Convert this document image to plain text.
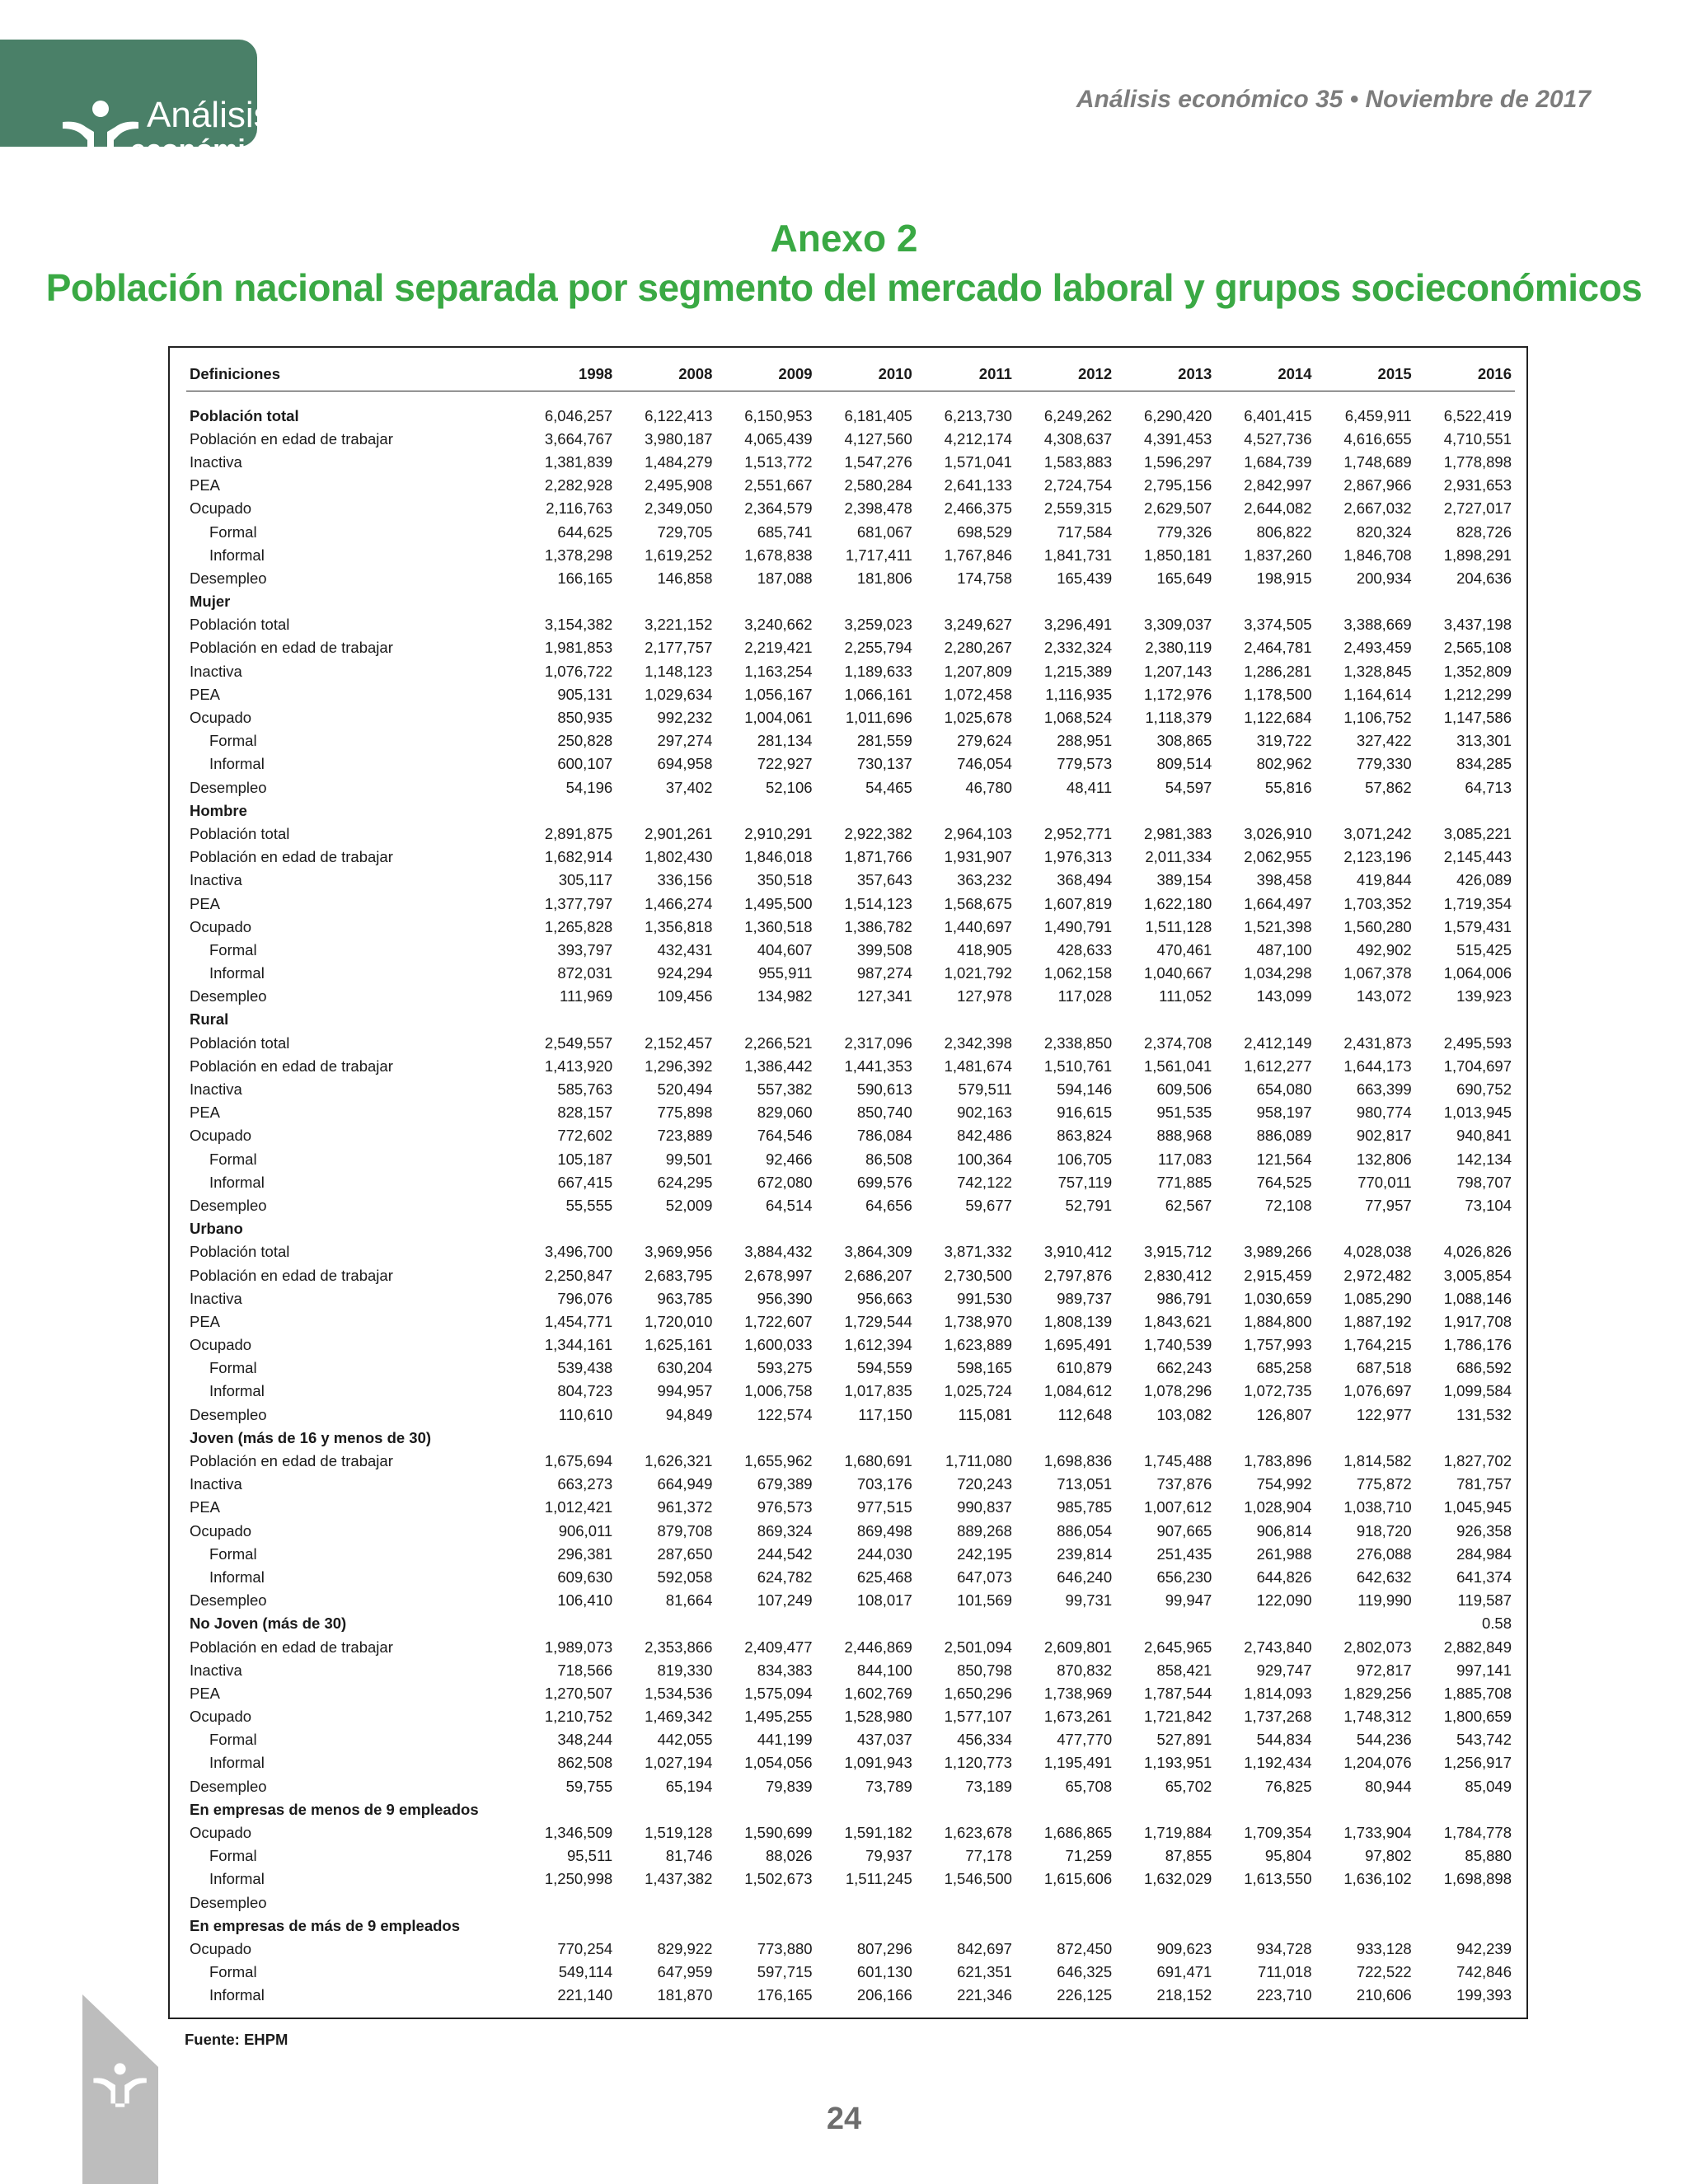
Análisis
económico
Análisis económico 35 • Noviembre de 2017
Anexo 2
Población nacional separada por segmento del mercado laboral y grupos socieconómicos
Definiciones	1998	2008	2009	2010	2011	2012	2013	2014	2015	2016

Población total	6,046,257	6,122,413	6,150,953	6,181,405	6,213,730	6,249,262	6,290,420	6,401,415	6,459,911	6,522,419
Población en edad de trabajar	3,664,767	3,980,187	4,065,439	4,127,560	4,212,174	4,308,637	4,391,453	4,527,736	4,616,655	4,710,551
Inactiva	1,381,839	1,484,279	1,513,772	1,547,276	1,571,041	1,583,883	1,596,297	1,684,739	1,748,689	1,778,898
PEA	2,282,928	2,495,908	2,551,667	2,580,284	2,641,133	2,724,754	2,795,156	2,842,997	2,867,966	2,931,653
Ocupado	2,116,763	2,349,050	2,364,579	2,398,478	2,466,375	2,559,315	2,629,507	2,644,082	2,667,032	2,727,017
Formal	644,625	729,705	685,741	681,067	698,529	717,584	779,326	806,822	820,324	828,726
Informal	1,378,298	1,619,252	1,678,838	1,717,411	1,767,846	1,841,731	1,850,181	1,837,260	1,846,708	1,898,291
Desempleo	166,165	146,858	187,088	181,806	174,758	165,439	165,649	198,915	200,934	204,636
Mujer										
Población total	3,154,382	3,221,152	3,240,662	3,259,023	3,249,627	3,296,491	3,309,037	3,374,505	3,388,669	3,437,198
Población en edad de trabajar	1,981,853	2,177,757	2,219,421	2,255,794	2,280,267	2,332,324	2,380,119	2,464,781	2,493,459	2,565,108
Inactiva	1,076,722	1,148,123	1,163,254	1,189,633	1,207,809	1,215,389	1,207,143	1,286,281	1,328,845	1,352,809
PEA	905,131	1,029,634	1,056,167	1,066,161	1,072,458	1,116,935	1,172,976	1,178,500	1,164,614	1,212,299
Ocupado	850,935	992,232	1,004,061	1,011,696	1,025,678	1,068,524	1,118,379	1,122,684	1,106,752	1,147,586
Formal	250,828	297,274	281,134	281,559	279,624	288,951	308,865	319,722	327,422	313,301
Informal	600,107	694,958	722,927	730,137	746,054	779,573	809,514	802,962	779,330	834,285
Desempleo	54,196	37,402	52,106	54,465	46,780	48,411	54,597	55,816	57,862	64,713
Hombre										
Población total	2,891,875	2,901,261	2,910,291	2,922,382	2,964,103	2,952,771	2,981,383	3,026,910	3,071,242	3,085,221
Población en edad de trabajar	1,682,914	1,802,430	1,846,018	1,871,766	1,931,907	1,976,313	2,011,334	2,062,955	2,123,196	2,145,443
Inactiva	305,117	336,156	350,518	357,643	363,232	368,494	389,154	398,458	419,844	426,089
PEA	1,377,797	1,466,274	1,495,500	1,514,123	1,568,675	1,607,819	1,622,180	1,664,497	1,703,352	1,719,354
Ocupado	1,265,828	1,356,818	1,360,518	1,386,782	1,440,697	1,490,791	1,511,128	1,521,398	1,560,280	1,579,431
Formal	393,797	432,431	404,607	399,508	418,905	428,633	470,461	487,100	492,902	515,425
Informal	872,031	924,294	955,911	987,274	1,021,792	1,062,158	1,040,667	1,034,298	1,067,378	1,064,006
Desempleo	111,969	109,456	134,982	127,341	127,978	117,028	111,052	143,099	143,072	139,923
Rural										
Población total	2,549,557	2,152,457	2,266,521	2,317,096	2,342,398	2,338,850	2,374,708	2,412,149	2,431,873	2,495,593
Población en edad de trabajar	1,413,920	1,296,392	1,386,442	1,441,353	1,481,674	1,510,761	1,561,041	1,612,277	1,644,173	1,704,697
Inactiva	585,763	520,494	557,382	590,613	579,511	594,146	609,506	654,080	663,399	690,752
PEA	828,157	775,898	829,060	850,740	902,163	916,615	951,535	958,197	980,774	1,013,945
Ocupado	772,602	723,889	764,546	786,084	842,486	863,824	888,968	886,089	902,817	940,841
Formal	105,187	99,501	92,466	86,508	100,364	106,705	117,083	121,564	132,806	142,134
Informal	667,415	624,295	672,080	699,576	742,122	757,119	771,885	764,525	770,011	798,707
Desempleo	55,555	52,009	64,514	64,656	59,677	52,791	62,567	72,108	77,957	73,104
Urbano										
Población total	3,496,700	3,969,956	3,884,432	3,864,309	3,871,332	3,910,412	3,915,712	3,989,266	4,028,038	4,026,826
Población en edad de trabajar	2,250,847	2,683,795	2,678,997	2,686,207	2,730,500	2,797,876	2,830,412	2,915,459	2,972,482	3,005,854
Inactiva	796,076	963,785	956,390	956,663	991,530	989,737	986,791	1,030,659	1,085,290	1,088,146
PEA	1,454,771	1,720,010	1,722,607	1,729,544	1,738,970	1,808,139	1,843,621	1,884,800	1,887,192	1,917,708
Ocupado	1,344,161	1,625,161	1,600,033	1,612,394	1,623,889	1,695,491	1,740,539	1,757,993	1,764,215	1,786,176
Formal	539,438	630,204	593,275	594,559	598,165	610,879	662,243	685,258	687,518	686,592
Informal	804,723	994,957	1,006,758	1,017,835	1,025,724	1,084,612	1,078,296	1,072,735	1,076,697	1,099,584
Desempleo	110,610	94,849	122,574	117,150	115,081	112,648	103,082	126,807	122,977	131,532
Joven (más de 16 y menos de 30)										
Población en edad de trabajar	1,675,694	1,626,321	1,655,962	1,680,691	1,711,080	1,698,836	1,745,488	1,783,896	1,814,582	1,827,702
Inactiva	663,273	664,949	679,389	703,176	720,243	713,051	737,876	754,992	775,872	781,757
PEA	1,012,421	961,372	976,573	977,515	990,837	985,785	1,007,612	1,028,904	1,038,710	1,045,945
Ocupado	906,011	879,708	869,324	869,498	889,268	886,054	907,665	906,814	918,720	926,358
Formal	296,381	287,650	244,542	244,030	242,195	239,814	251,435	261,988	276,088	284,984
Informal	609,630	592,058	624,782	625,468	647,073	646,240	656,230	644,826	642,632	641,374
Desempleo	106,410	81,664	107,249	108,017	101,569	99,731	99,947	122,090	119,990	119,587
No Joven (más de 30)										0.58
Población en edad de trabajar	1,989,073	2,353,866	2,409,477	2,446,869	2,501,094	2,609,801	2,645,965	2,743,840	2,802,073	2,882,849
Inactiva	718,566	819,330	834,383	844,100	850,798	870,832	858,421	929,747	972,817	997,141
PEA	1,270,507	1,534,536	1,575,094	1,602,769	1,650,296	1,738,969	1,787,544	1,814,093	1,829,256	1,885,708
Ocupado	1,210,752	1,469,342	1,495,255	1,528,980	1,577,107	1,673,261	1,721,842	1,737,268	1,748,312	1,800,659
Formal	348,244	442,055	441,199	437,037	456,334	477,770	527,891	544,834	544,236	543,742
Informal	862,508	1,027,194	1,054,056	1,091,943	1,120,773	1,195,491	1,193,951	1,192,434	1,204,076	1,256,917
Desempleo	59,755	65,194	79,839	73,789	73,189	65,708	65,702	76,825	80,944	85,049
En empresas de menos de 9 empleados										
Ocupado	1,346,509	1,519,128	1,590,699	1,591,182	1,623,678	1,686,865	1,719,884	1,709,354	1,733,904	1,784,778
Formal	95,511	81,746	88,026	79,937	77,178	71,259	87,855	95,804	97,802	85,880
Informal	1,250,998	1,437,382	1,502,673	1,511,245	1,546,500	1,615,606	1,632,029	1,613,550	1,636,102	1,698,898
Desempleo										
En empresas de más de 9 empleados										
Ocupado	770,254	829,922	773,880	807,296	842,697	872,450	909,623	934,728	933,128	942,239
Formal	549,114	647,959	597,715	601,130	621,351	646,325	691,471	711,018	722,522	742,846
Informal	221,140	181,870	176,165	206,166	221,346	226,125	218,152	223,710	210,606	199,393
Fuente: EHPM
24
